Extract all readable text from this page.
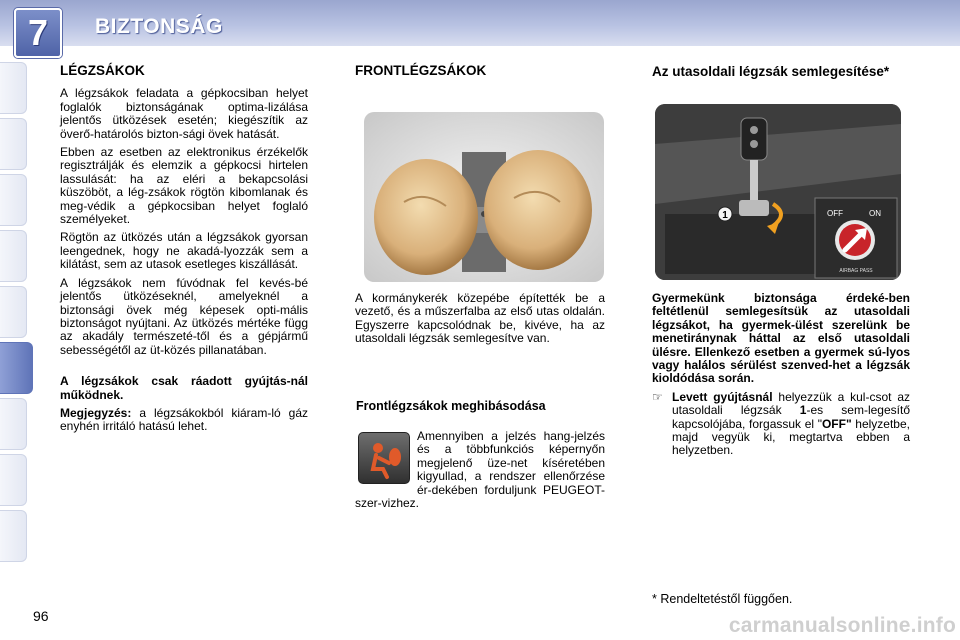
7	BIZTONSÁG
LÉGZSÁKOK

A légzsákok feladata a gépkocsiban helyet foglalók biztonságának optima-lizálása jelentős ütközések esetén; kiegészítik az överő-határolós bizton-sági övek hatását.

Ebben az esetben az elektronikus érzékelők regisztrálják és elemzik a gépkocsi hirtelen lassulását: ha az eléri a bekapcsolási küszöböt, a lég-zsákok rögtön kibomlanak és meg-védik a gépkocsiban helyet foglaló személyeket.

Rögtön az ütközés után a légzsákok gyorsan leengednek, hogy ne akadá-lyozzák sem a kilátást, sem az utasok esetleges kiszállását.

A légzsákok nem fúvódnak fel kevés-bé jelentős ütközéseknél, amelyeknél a biztonsági övek még képesek opti-mális biztonságot nyújtani. Az ütközés mértéke függ az akadály természeté-től és a gépjármű sebességétől az üt-közés pillanatában.

A légzsákok csak ráadott gyújtás-nál működnek.

Megjegyzés: a légzsákokból kiáram-ló gáz enyhén irritáló hatású lehet.

FRONTLÉGZSÁKOK

A kormánykerék közepébe építették be a vezető, és a műszerfalba az első utas oldalán. Egyszerre kapcsolódnak be, kivéve, ha az utasoldali légzsák semlegesítve van.

Frontlégzsákok meghibásodása

Amennyiben a jelzés hang-jelzés és a többfunkciós képernyőn megjelenő üze-net kíséretében kigyullad, a rendszer ellenőrzése ér-dekében forduljunk PEUGEOT-szer-vizhez.

Az utasoldali légzsák semlegesítése*
1	OFF	ON
AIRBAG PASS

Gyermekünk biztonsága érdeké-ben feltétlenül semlegesítsük az utasoldali légzsákot, ha gyermek-ülést szerelünk be menetiránynak háttal az első utasoldali ülésre. Ellenkező esetben a gyermek sú-lyos vagy halálos sérülést szenved-het a légzsák kioldódása során.

☞ Levett gyújtásnál helyezzük a kul-csot az utasoldali légzsák 1-es sem-legesítő kapcsolójába, forgassuk el "OFF" helyzetbe, majd vegyük ki, megtartva ebben a helyzetben.

* Rendeltetéstől függően.
96	carmanualsonline.info
